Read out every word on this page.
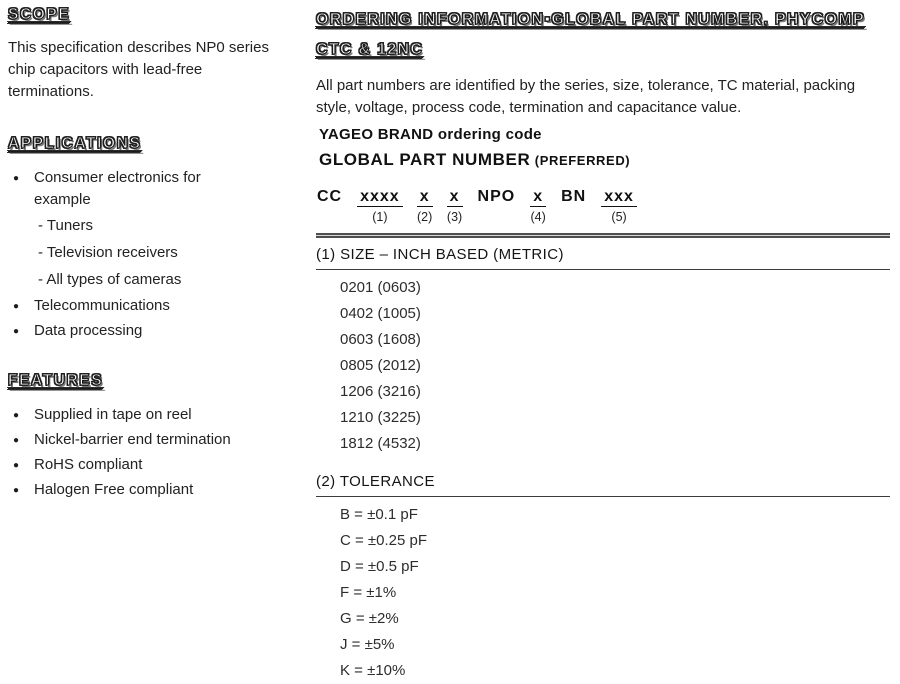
SCOPE

This specification describes NP0 series chip capacitors with lead-free terminations.

APPLICATIONS
● Consumer electronics for example
- Tuners
- Television receivers
- All types of cameras
● Telecommunications
● Data processing
FEATURES
● Supplied in tape on reel
● Nickel-barrier end termination
● RoHS compliant
● Halogen Free compliant
ORDERING INFORMATION▪GLOBAL PART NUMBER, PHYCOMP
CTC & 12NC

All part numbers are identified by the series, size, tolerance, TC material, packing style, voltage, process code, termination and capacitance value.

YAGEO BRAND ordering code
GLOBAL PART NUMBER (PREFERRED)
CC xxxx
(1)
x
(2)
x
(3)
NPO x
(4)
BN xxx
(5)
(1) SIZE – INCH BASED (METRIC)
0201 (0603)
0402 (1005)
0603 (1608)
0805 (2012)
1206 (3216)
1210 (3225)
1812 (4532)
(2) TOLERANCE
B = ±0.1 pF
C = ±0.25 pF
D = ±0.5 pF
F = ±1%
G = ±2%
J = ±5%
K = ±10%
